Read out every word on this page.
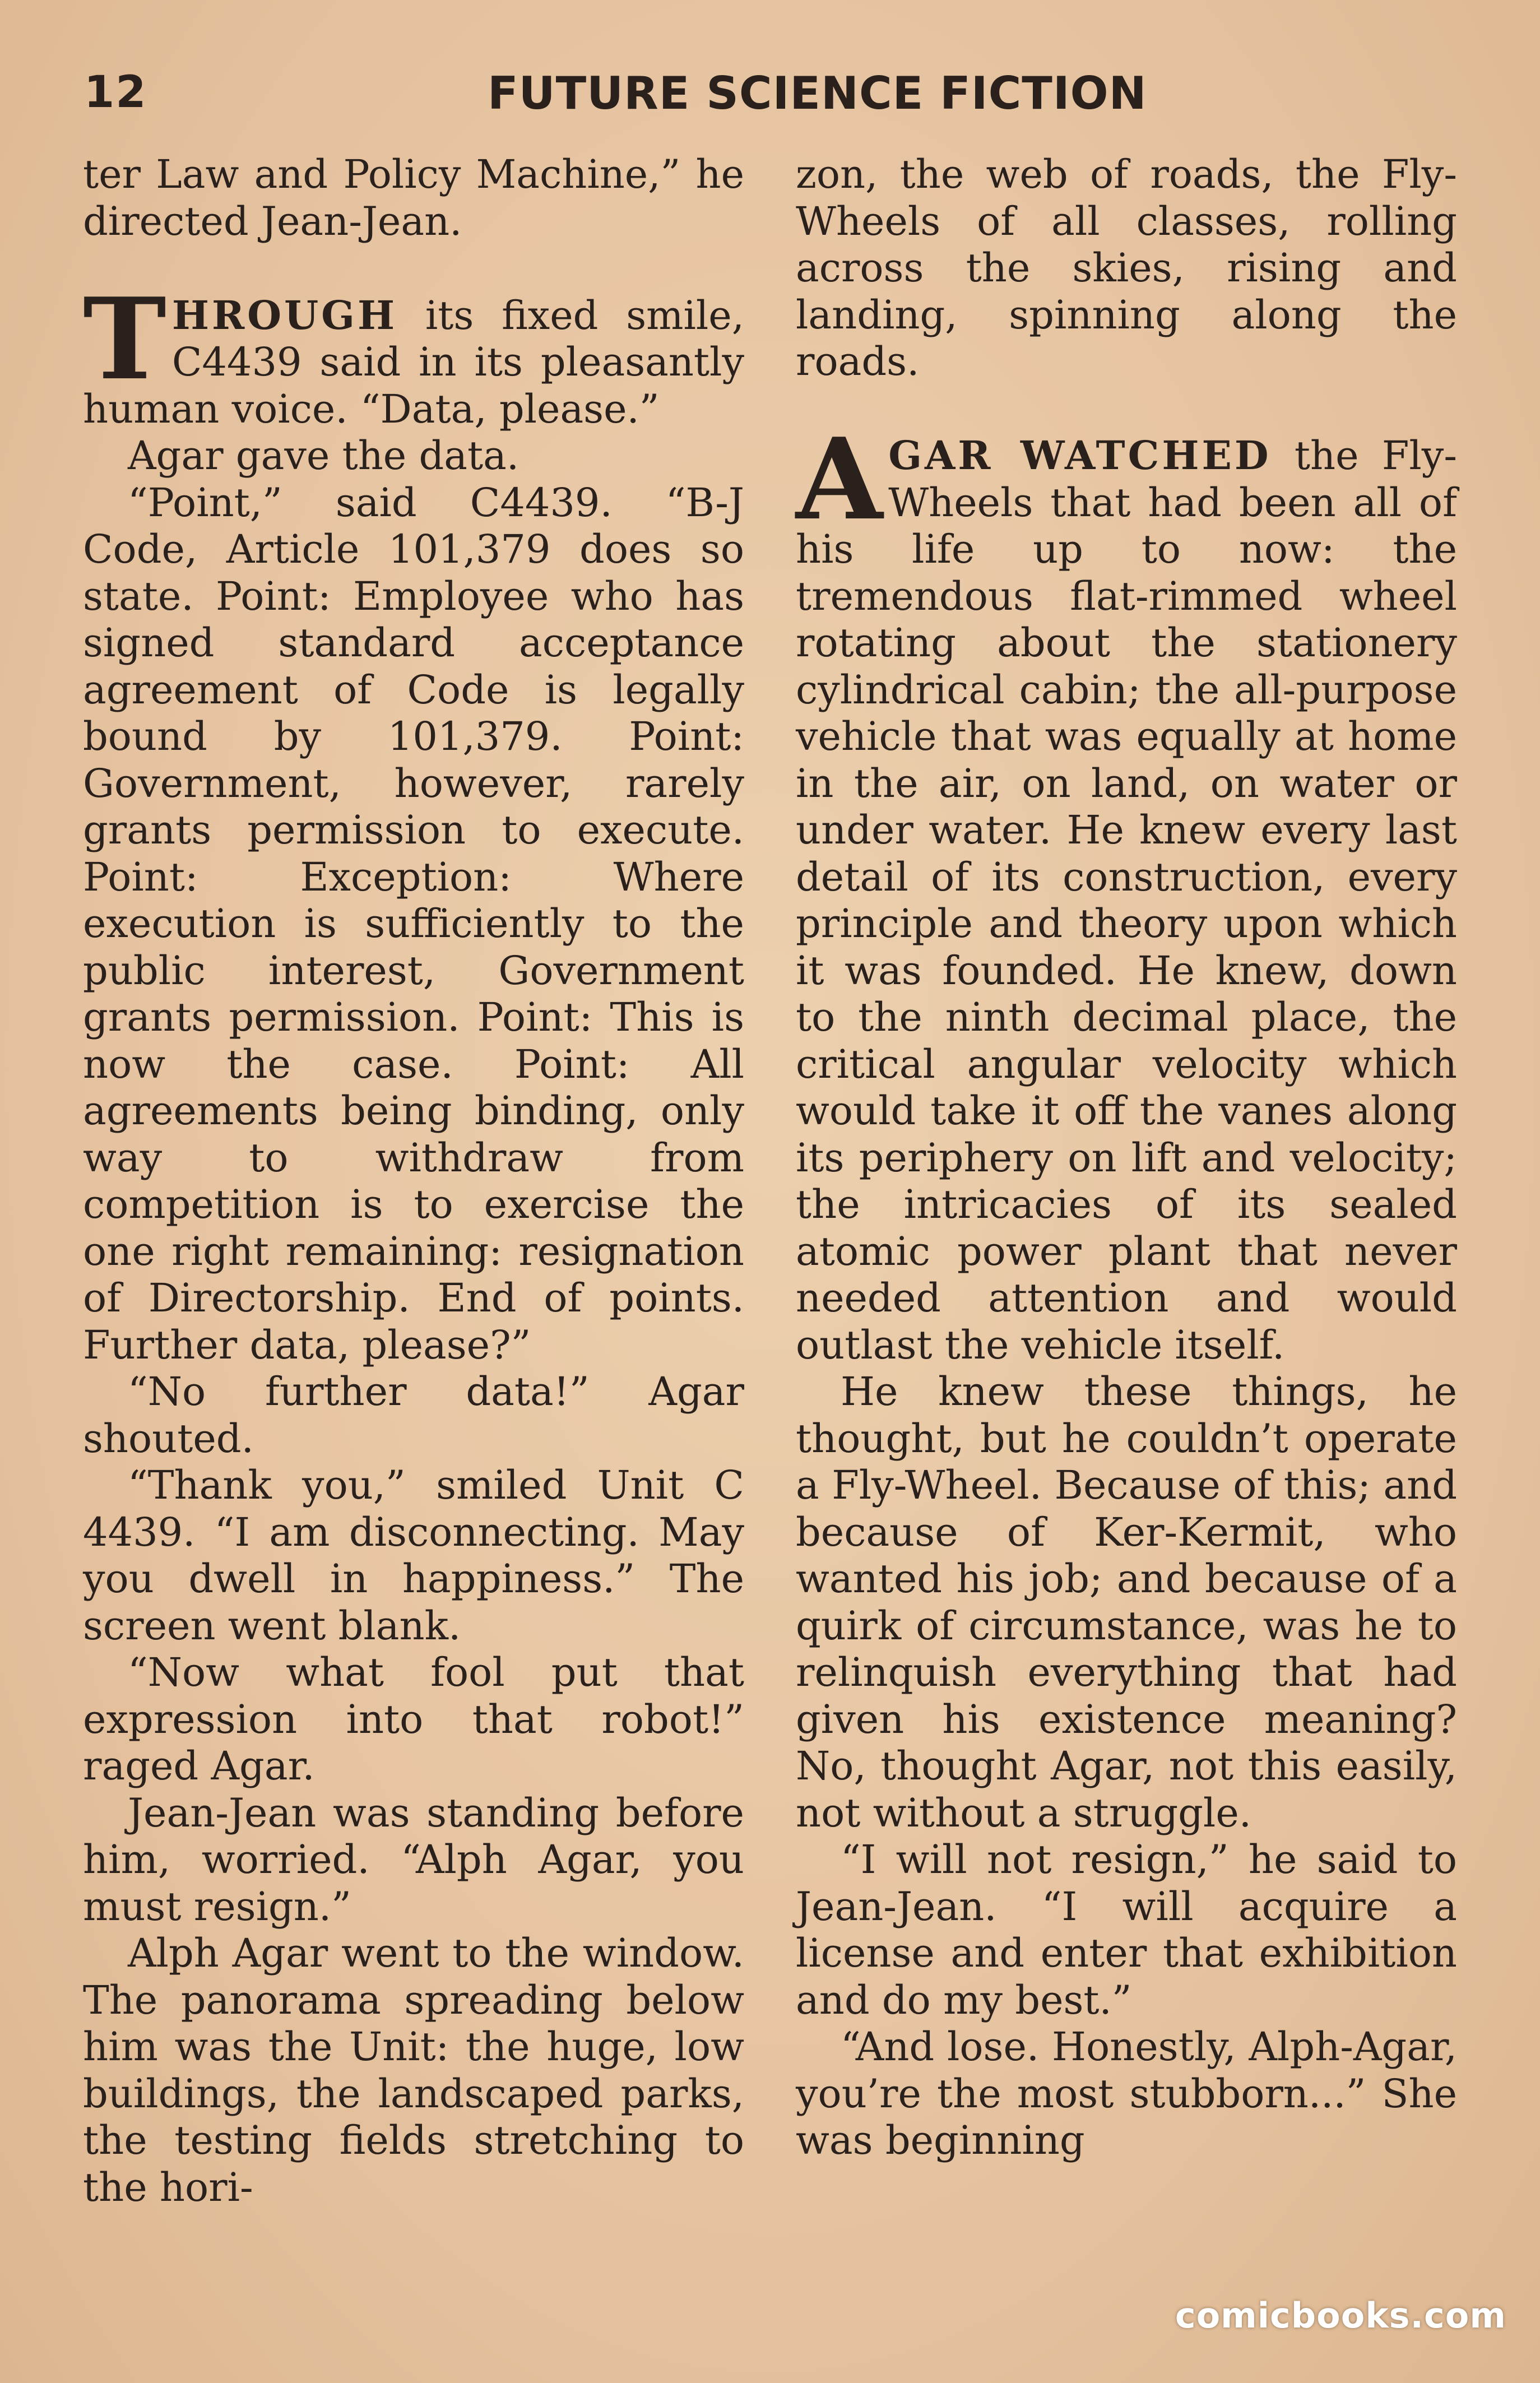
12	FUTURE SCIENCE FICTION

ter Law and Policy Machine,” he directed Jean-Jean.

THROUGH its fixed smile, C4439 said in its pleasantly human voice. “Data, please.”

Agar gave the data.

“Point,” said C4439. “B-J Code, Article 101,379 does so state. Point: Employee who has signed standard acceptance agreement of Code is legally bound by 101,379. Point: Government, however, rarely grants permission to execute. Point: Exception: Where execution is sufficiently to the public interest, Government grants permission. Point: This is now the case. Point: All agreements being binding, only way to withdraw from competition is to exercise the one right remaining: resignation of Directorship. End of points. Further data, please?”

“No further data!” Agar shouted.

“Thank you,” smiled Unit C 4439. “I am disconnecting. May you dwell in happiness.” The screen went blank.

“Now what fool put that expression into that robot!” raged Agar.

Jean-Jean was standing before him, worried. “Alph Agar, you must resign.”

Alph Agar went to the window. The panorama spreading below him was the Unit: the huge, low buildings, the landscaped parks, the testing fields stretching to the hori-

zon, the web of roads, the Fly-Wheels of all classes, rolling across the skies, rising and landing, spinning along the roads.

AGAR WATCHED the Fly-Wheels that had been all of his life up to now: the tremendous flat-rimmed wheel rotating about the stationery cylindrical cabin; the all-purpose vehicle that was equally at home in the air, on land, on water or under water. He knew every last detail of its construction, every principle and theory upon which it was founded. He knew, down to the ninth decimal place, the critical angular velocity which would take it off the vanes along its periphery on lift and velocity; the intricacies of its sealed atomic power plant that never needed attention and would outlast the vehicle itself.

He knew these things, he thought, but he couldn’t operate a Fly-Wheel. Because of this; and because of Ker-Kermit, who wanted his job; and because of a quirk of circumstance, was he to relinquish everything that had given his existence meaning? No, thought Agar, not this easily, not without a struggle.

“I will not resign,” he said to Jean-Jean. “I will acquire a license and enter that exhibition and do my best.”

“And lose. Honestly, Alph-Agar, you’re the most stubborn...” She was beginning

comicbooks.com
